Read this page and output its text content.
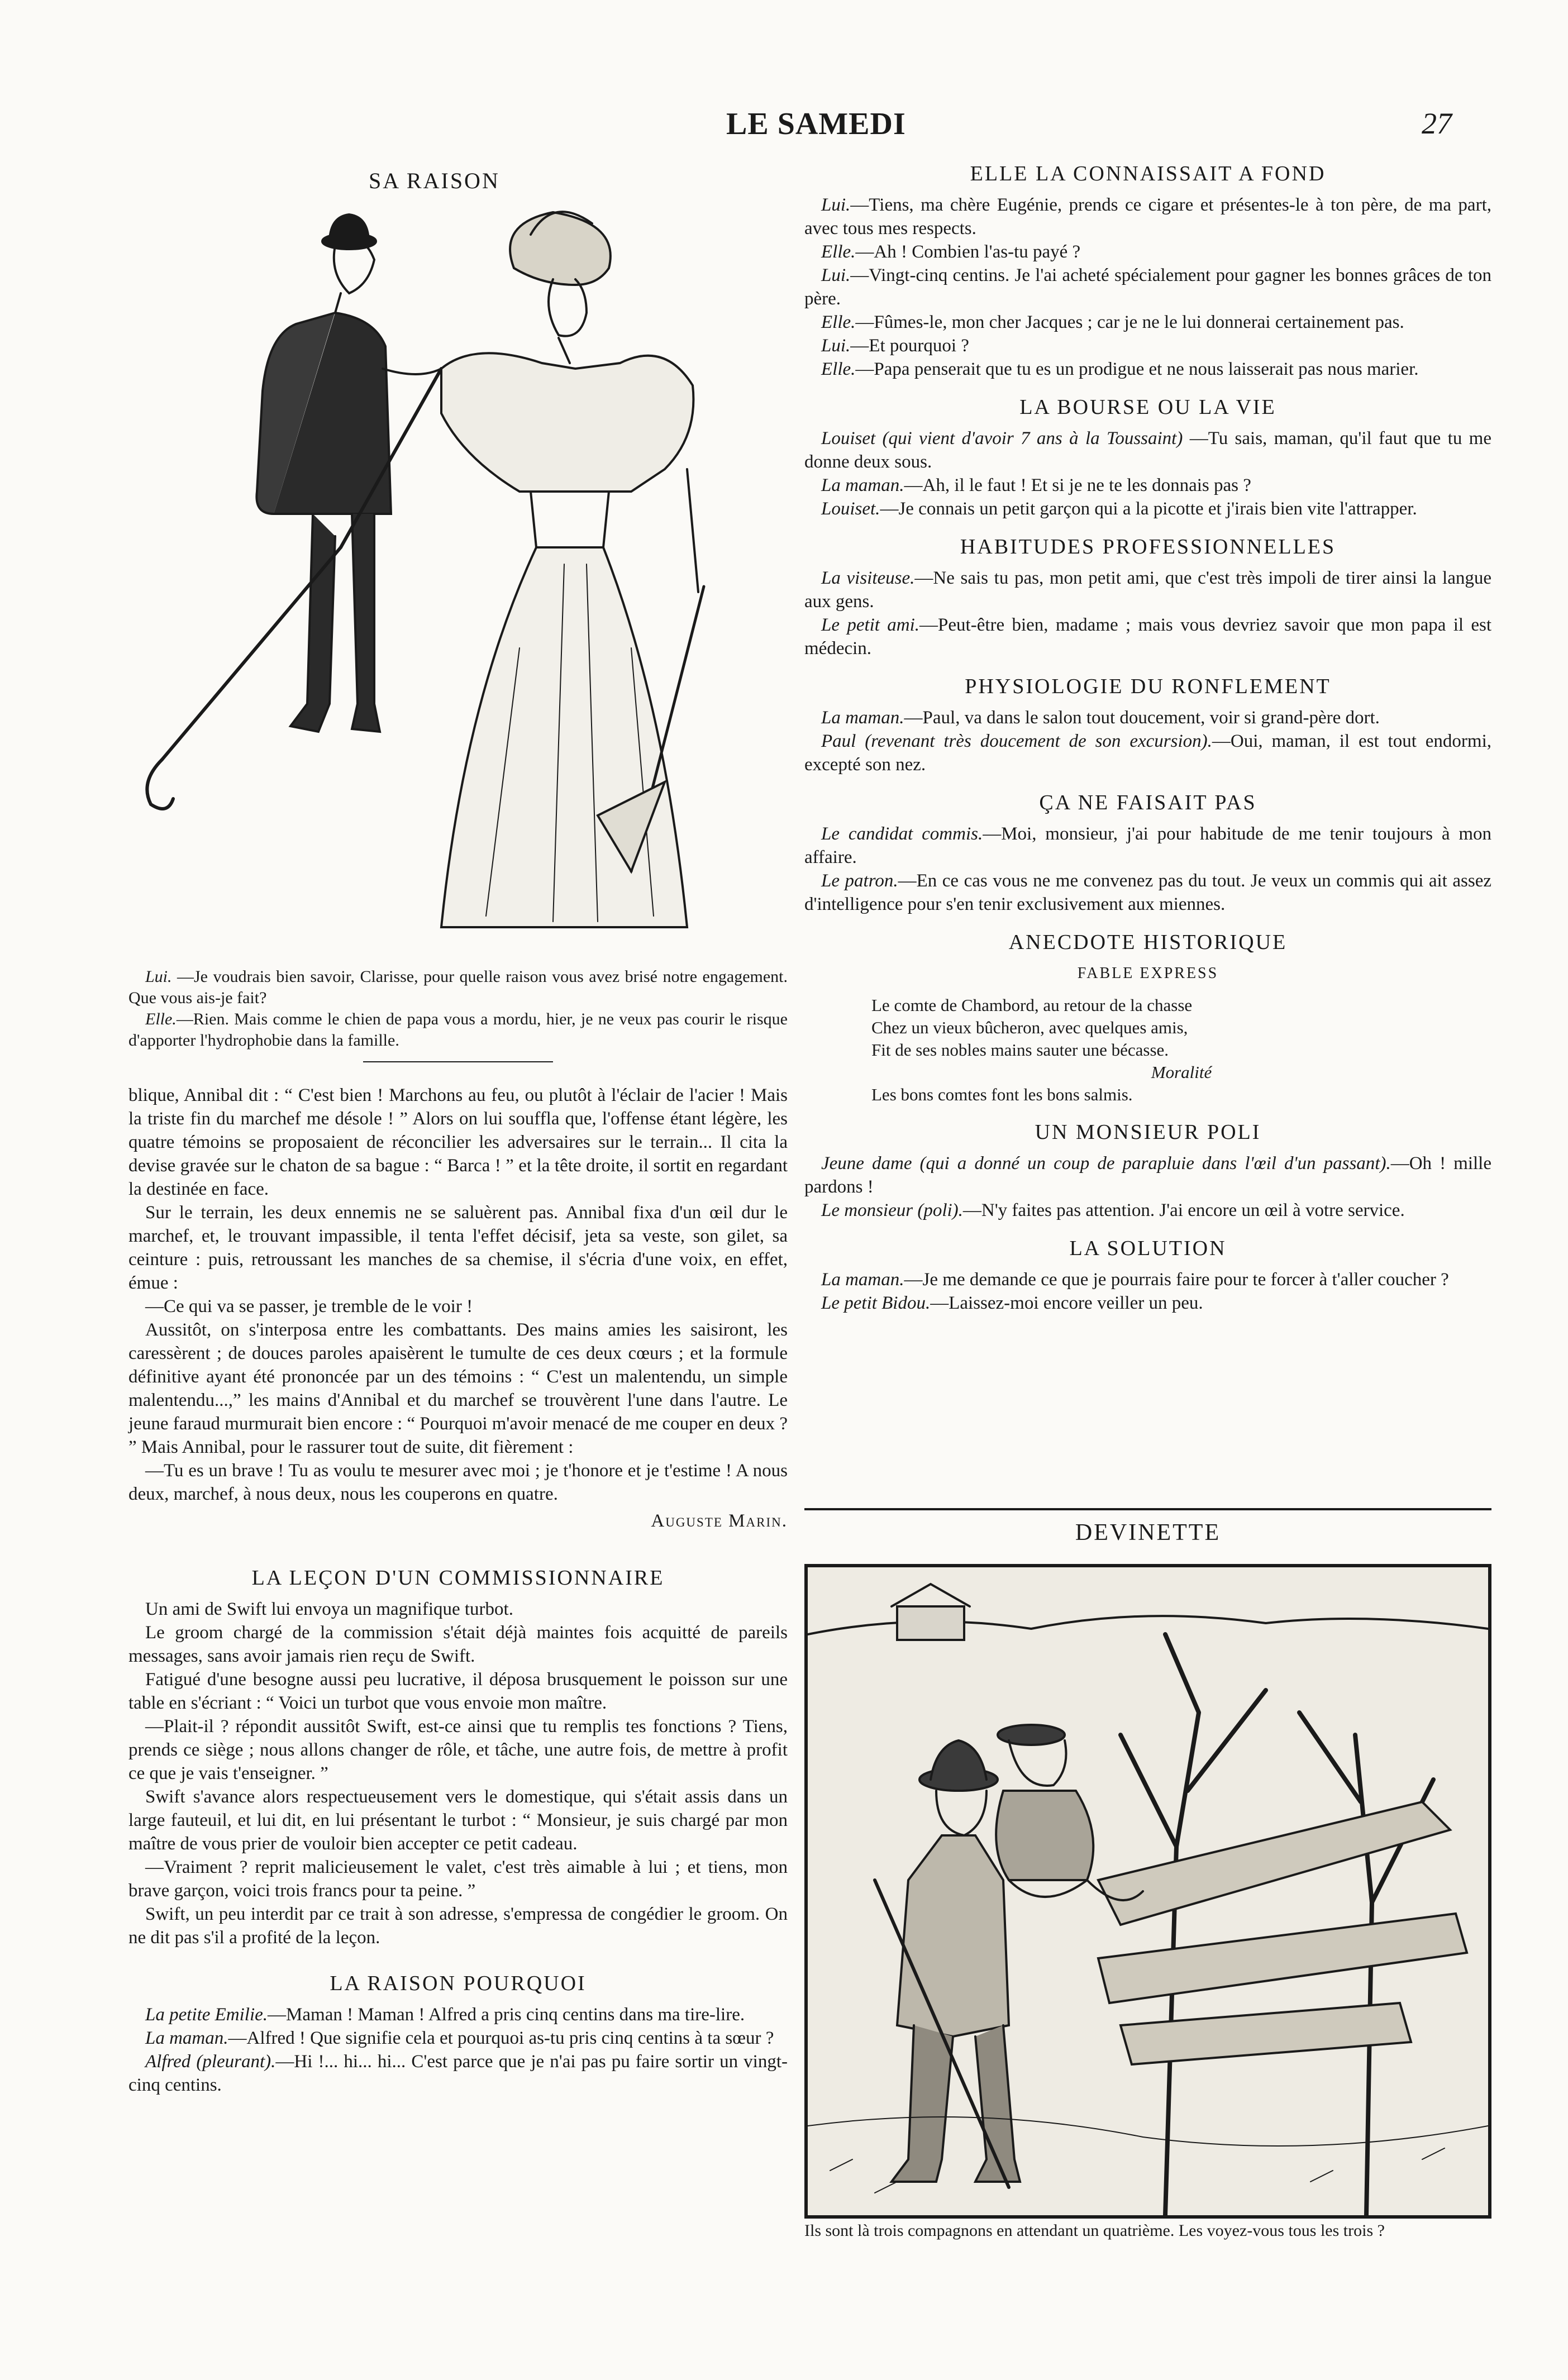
LE SAMEDI	27
SA RAISON

Lui. —Je voudrais bien savoir, Clarisse, pour quelle raison vous avez brisé notre engagement. Que vous ais-je fait?

Elle.—Rien. Mais comme le chien de papa vous a mordu, hier, je ne veux pas courir le risque d'apporter l'hydrophobie dans la famille.

blique, Annibal dit : “ C'est bien ! Marchons au feu, ou plutôt à l'éclair de l'acier ! Mais la triste fin du marchef me désole ! ” Alors on lui souffla que, l'offense étant légère, les quatre témoins se proposaient de réconcilier les adversaires sur le terrain... Il cita la devise gravée sur le chaton de sa bague : “ Barca ! ” et la tête droite, il sortit en regardant la destinée en face.

Sur le terrain, les deux ennemis ne se saluèrent pas. Annibal fixa d'un œil dur le marchef, et, le trouvant impassible, il tenta l'effet décisif, jeta sa veste, son gilet, sa ceinture : puis, retroussant les manches de sa chemise, il s'écria d'une voix, en effet, émue :

—Ce qui va se passer, je tremble de le voir !

Aussitôt, on s'interposa entre les combattants. Des mains amies les saisiront, les caressèrent ; de douces paroles apaisèrent le tumulte de ces deux cœurs ; et la formule définitive ayant été prononcée par un des témoins : “ C'est un malentendu, un simple malentendu...,” les mains d'Annibal et du marchef se trouvèrent l'une dans l'autre. Le jeune faraud murmurait bien encore : “ Pourquoi m'avoir menacé de me couper en deux ? ” Mais Annibal, pour le rassurer tout de suite, dit fièrement :

—Tu es un brave ! Tu as voulu te mesurer avec moi ; je t'honore et je t'estime ! A nous deux, marchef, à nous deux, nous les couperons en quatre.

Auguste Marin.
LA LEÇON D'UN COMMISSIONNAIRE

Un ami de Swift lui envoya un magnifique turbot.

Le groom chargé de la commission s'était déjà maintes fois acquitté de pareils messages, sans avoir jamais rien reçu de Swift.

Fatigué d'une besogne aussi peu lucrative, il déposa brusquement le poisson sur une table en s'écriant : “ Voici un turbot que vous envoie mon maître.

—Plait-il ? répondit aussitôt Swift, est-ce ainsi que tu remplis tes fonctions ? Tiens, prends ce siège ; nous allons changer de rôle, et tâche, une autre fois, de mettre à profit ce que je vais t'enseigner. ”

Swift s'avance alors respectueusement vers le domestique, qui s'était assis dans un large fauteuil, et lui dit, en lui présentant le turbot : “ Monsieur, je suis chargé par mon maître de vous prier de vouloir bien accepter ce petit cadeau.

—Vraiment ? reprit malicieusement le valet, c'est très aimable à lui ; et tiens, mon brave garçon, voici trois francs pour ta peine. ”

Swift, un peu interdit par ce trait à son adresse, s'empressa de congédier le groom. On ne dit pas s'il a profité de la leçon.

LA RAISON POURQUOI

La petite Emilie.—Maman ! Maman ! Alfred a pris cinq centins dans ma tire-lire.

La maman.—Alfred ! Que signifie cela et pourquoi as-tu pris cinq centins à ta sœur ?

Alfred (pleurant).—Hi !... hi... hi... C'est parce que je n'ai pas pu faire sortir un vingt-cinq centins.

ELLE LA CONNAISSAIT A FOND

Lui.—Tiens, ma chère Eugénie, prends ce cigare et présentes-le à ton père, de ma part, avec tous mes respects.

Elle.—Ah ! Combien l'as-tu payé ?

Lui.—Vingt-cinq centins. Je l'ai acheté spécialement pour gagner les bonnes grâces de ton père.

Elle.—Fûmes-le, mon cher Jacques ; car je ne le lui donnerai certainement pas.

Lui.—Et pourquoi ?

Elle.—Papa penserait que tu es un prodigue et ne nous laisserait pas nous marier.

LA BOURSE OU LA VIE

Louiset (qui vient d'avoir 7 ans à la Toussaint) —Tu sais, maman, qu'il faut que tu me donne deux sous.

La maman.—Ah, il le faut ! Et si je ne te les donnais pas ?

Louiset.—Je connais un petit garçon qui a la picotte et j'irais bien vite l'attrapper.

HABITUDES PROFESSIONNELLES

La visiteuse.—Ne sais tu pas, mon petit ami, que c'est très impoli de tirer ainsi la langue aux gens.

Le petit ami.—Peut-être bien, madame ; mais vous devriez savoir que mon papa il est médecin.

PHYSIOLOGIE DU RONFLEMENT

La maman.—Paul, va dans le salon tout doucement, voir si grand-père dort.

Paul (revenant très doucement de son excursion).—Oui, maman, il est tout endormi, excepté son nez.

ÇA NE FAISAIT PAS

Le candidat commis.—Moi, monsieur, j'ai pour habitude de me tenir toujours à mon affaire.

Le patron.—En ce cas vous ne me convenez pas du tout. Je veux un commis qui ait assez d'intelligence pour s'en tenir exclusivement aux miennes.

ANECDOTE HISTORIQUE
FABLE EXPRESS
Le comte de Chambord, au retour de la chasse
Chez un vieux bûcheron, avec quelques amis,
Fit de ses nobles mains sauter une bécasse.
Moralité
Les bons comtes font les bons salmis.
UN MONSIEUR POLI

Jeune dame (qui a donné un coup de parapluie dans l'œil d'un passant).—Oh ! mille pardons !

Le monsieur (poli).—N'y faites pas attention. J'ai encore un œil à votre service.

LA SOLUTION

La maman.—Je me demande ce que je pourrais faire pour te forcer à t'aller coucher ?

Le petit Bidou.—Laissez-moi encore veiller un peu.

DEVINETTE
Ils sont là trois compagnons en attendant un quatrième. Les voyez-vous tous les trois ?
